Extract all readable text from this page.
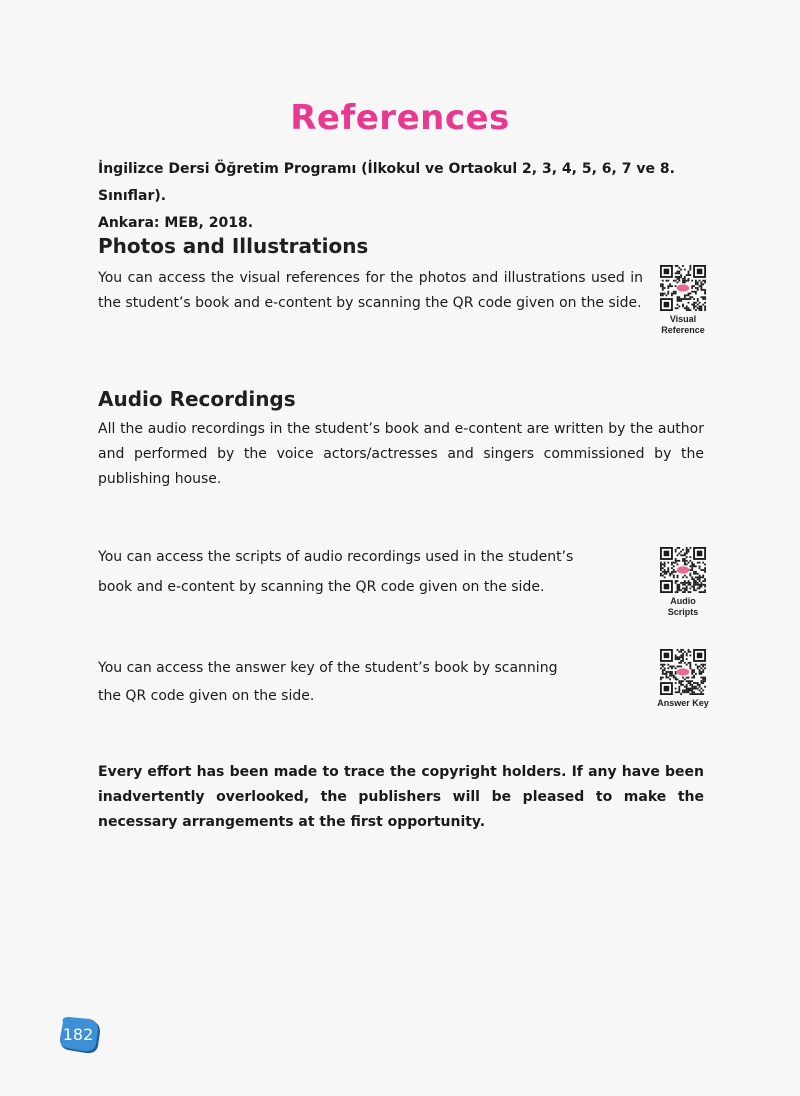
References
İngilizce Dersi Öğretim Programı (İlkokul ve Ortaokul 2, 3, 4, 5, 6, 7 ve 8. Sınıflar).
Ankara: MEB, 2018.
Photos and Illustrations
You can access the visual references for the photos and illustrations used in the student’s book and e-content by scanning the QR code given on the side.
Visual
Reference
Audio Recordings
All the audio recordings in the student’s book and e-content are written by the author and performed by the voice actors/actresses and singers commissioned by the publishing house.
You can access the scripts of audio recordings used in the student’s
book and e-content by scanning the QR code given on the side.
Audio
Scripts
You can access the answer key of the student’s book by scanning
the QR code given on the side.	Answer Key
Every effort has been made to trace the copyright holders. If any have been inadvertently overlooked, the publishers will be pleased to make the necessary arrangements at the first opportunity.
182
